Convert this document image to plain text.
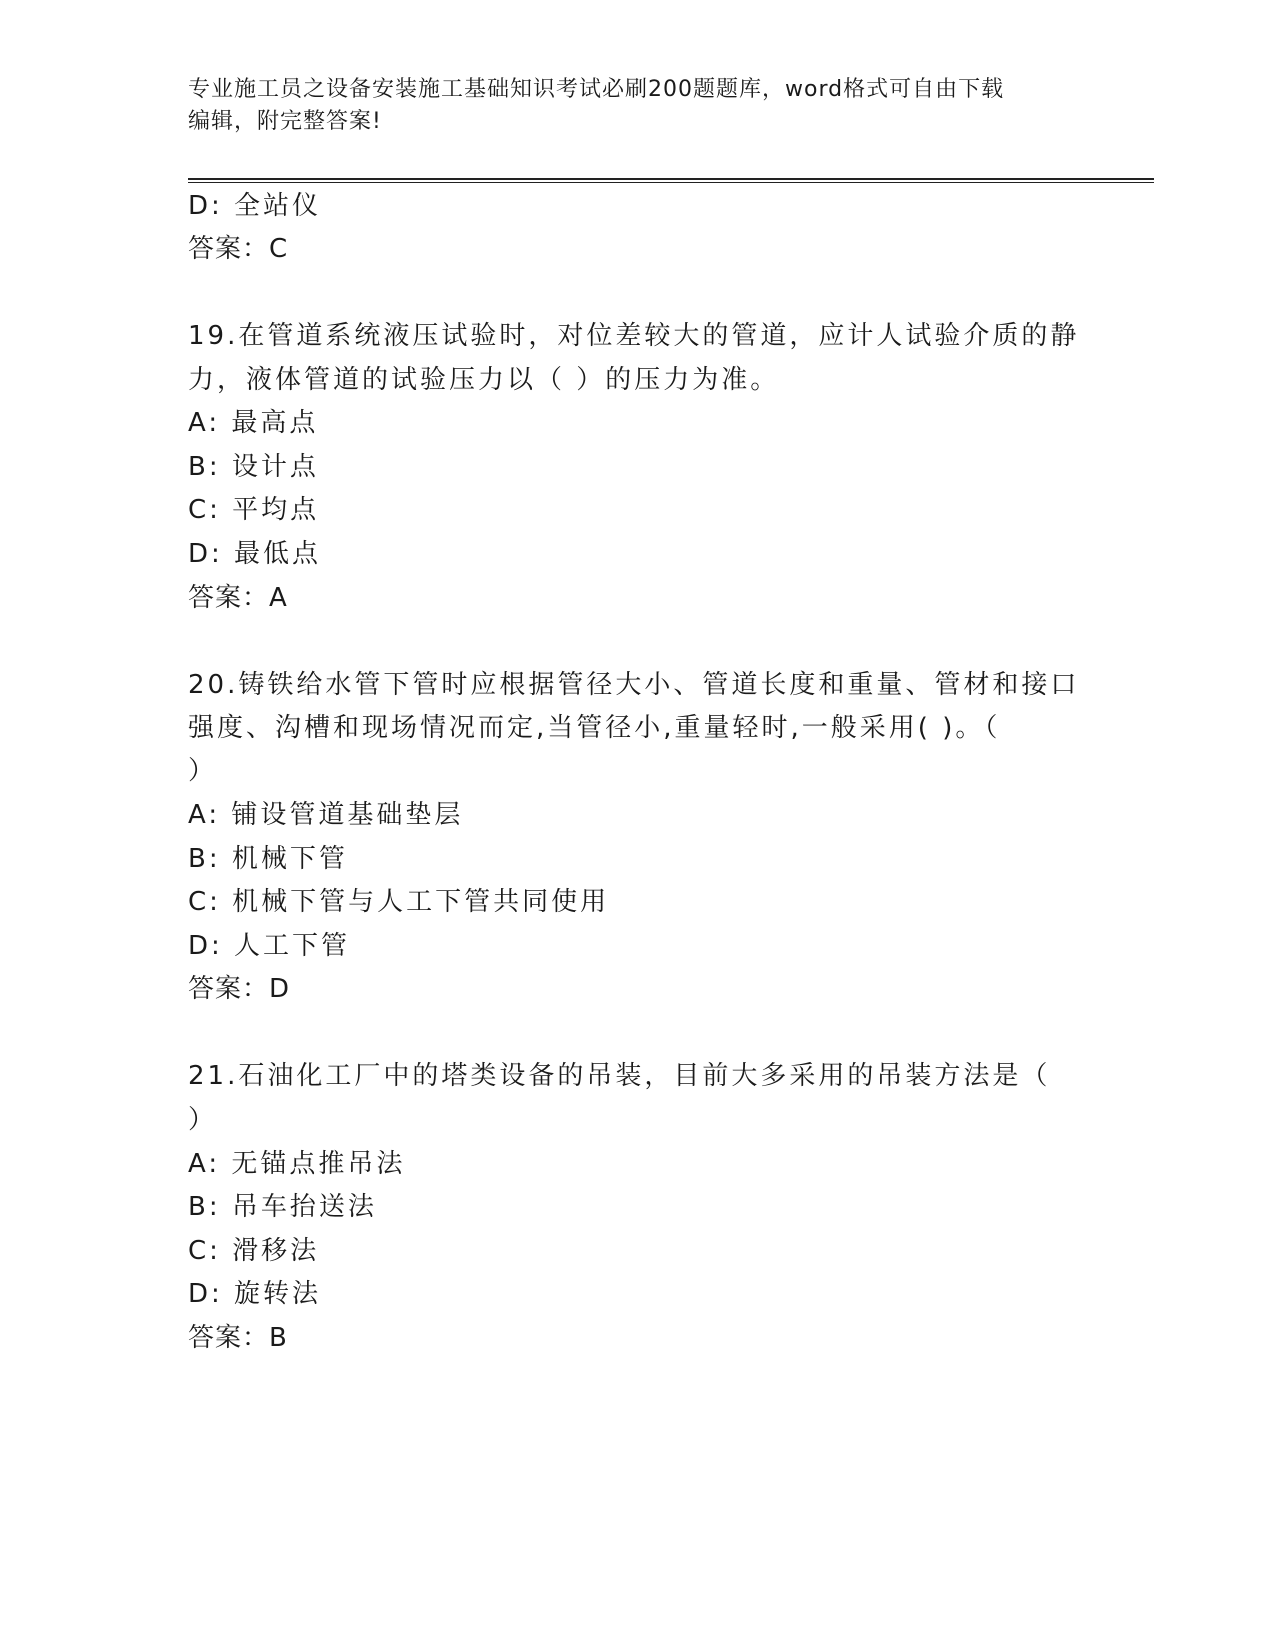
专业施工员之设备安装施工基础知识考试必刷200题题库，word格式可自由下载
编辑，附完整答案!
D: 全站仪
答案：C
19.在管道系统液压试验时，对位差较大的管道，应计人试验介质的静
力，液体管道的试验压力以（ ）的压力为准。
A: 最高点
B: 设计点
C: 平均点
D: 最低点
答案：A
20.铸铁给水管下管时应根据管径大小、管道长度和重量、管材和接口
强度、沟槽和现场情况而定,当管径小,重量轻时,一般采用( )。（
）
A: 铺设管道基础垫层
B: 机械下管
C: 机械下管与人工下管共同使用
D: 人工下管
答案：D
21.石油化工厂中的塔类设备的吊装，目前大多采用的吊装方法是（
）
A: 无锚点推吊法
B: 吊车抬送法
C: 滑移法
D: 旋转法
答案：B
